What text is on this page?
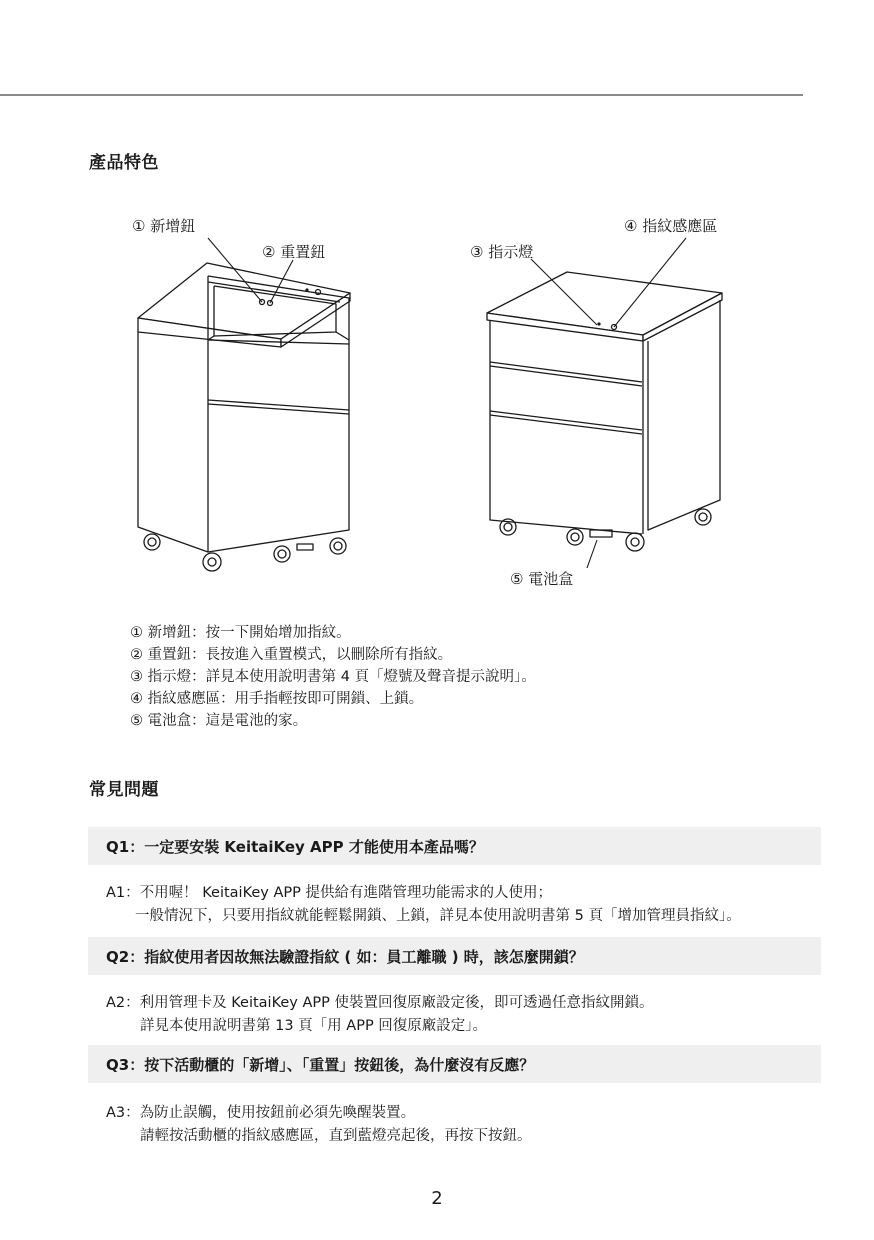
產品特色
① 新增鈕
② 重置鈕	③ 指示燈
④ 指紋感應區
⑤ 電池盒
① 新增鈕：按一下開始增加指紋。
② 重置鈕：長按進入重置模式，以刪除所有指紋。
③ 指示燈：詳見本使用說明書第 4 頁「燈號及聲音提示說明」。
④ 指紋感應區：用手指輕按即可開鎖、上鎖。
⑤ 電池盒：這是電池的家。
常見問題
Q1：一定要安裝 KeitaiKey APP 才能使用本產品嗎？
A1：不用喔！ KeitaiKey APP 提供給有進階管理功能需求的人使用；
一般情況下，只要用指紋就能輕鬆開鎖、上鎖，詳見本使用說明書第 5 頁「增加管理員指紋」。
Q2：指紋使用者因故無法驗證指紋 ( 如：員工離職 ) 時，該怎麼開鎖？
A2：利用管理卡及 KeitaiKey APP 使裝置回復原廠設定後，即可透過任意指紋開鎖。
詳見本使用說明書第 13 頁「用 APP 回復原廠設定」。
Q3：按下活動櫃的「新增」、「重置」按鈕後，為什麼沒有反應？
A3：為防止誤觸，使用按鈕前必須先喚醒裝置。
請輕按活動櫃的指紋感應區，直到藍燈亮起後，再按下按鈕。
2
